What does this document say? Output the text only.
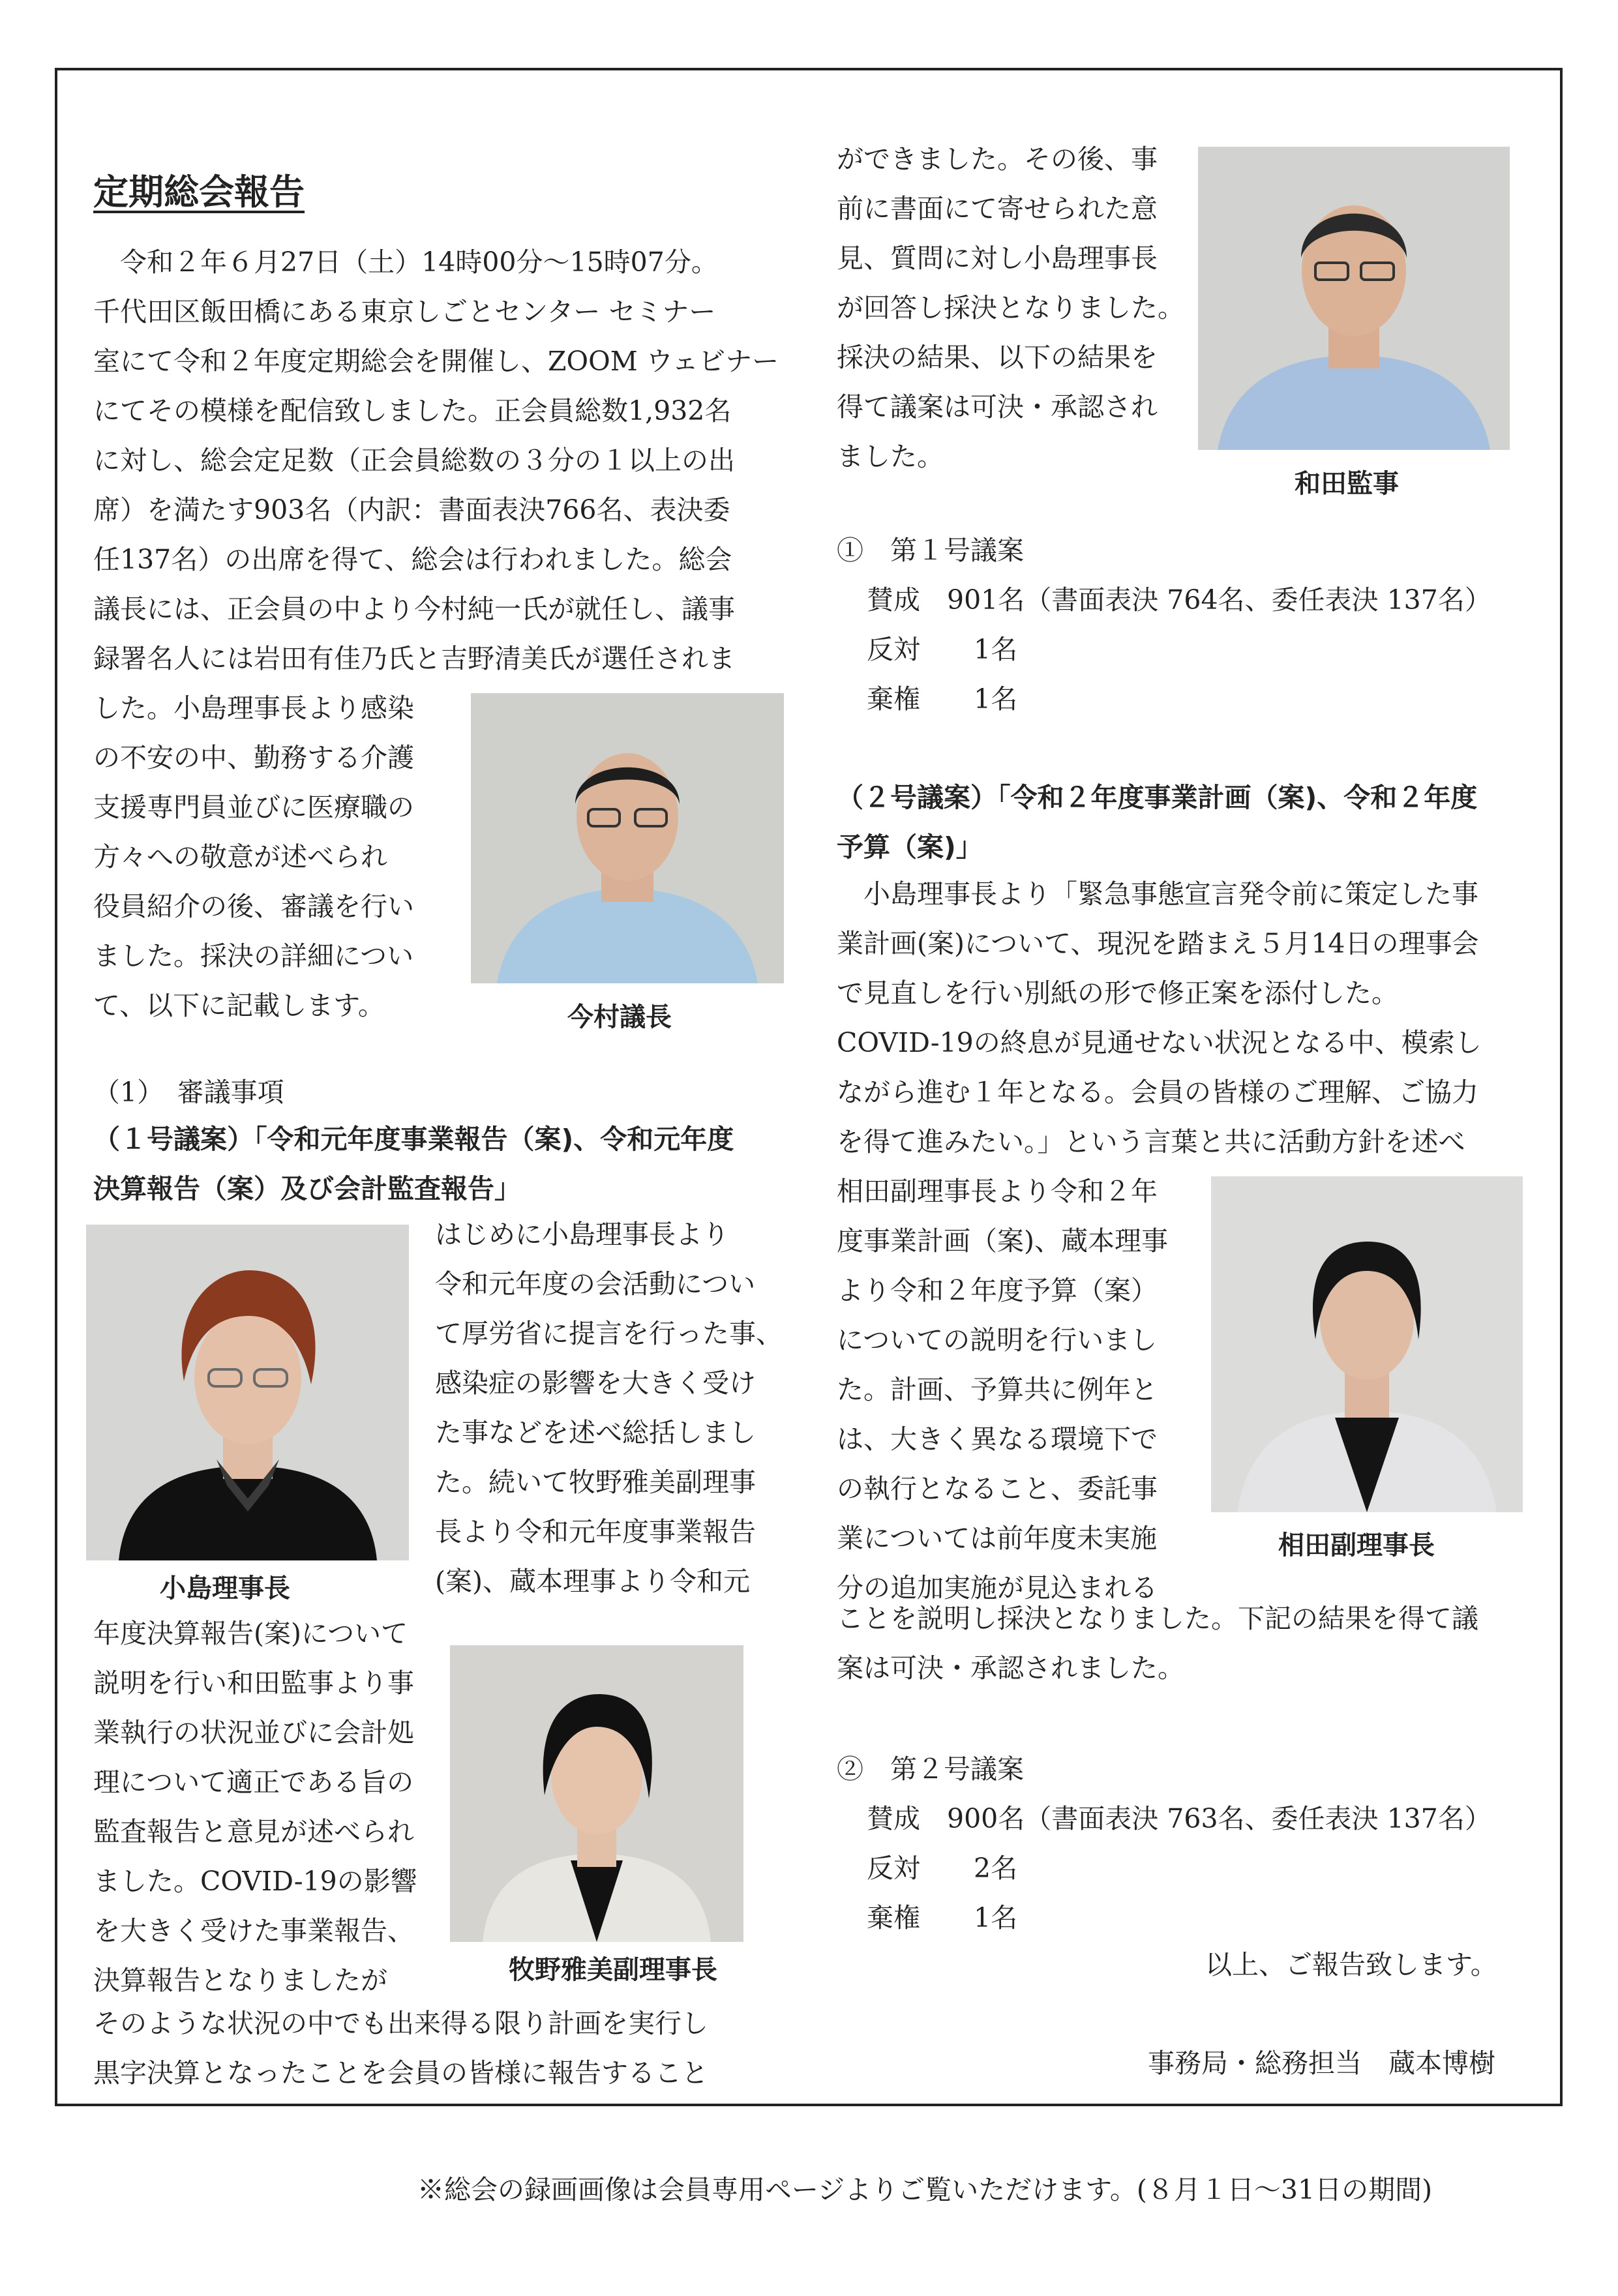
定期総会報告
　令和２年６月27日（土）14時00分～15時07分。
千代田区飯田橋にある東京しごとセンター セミナー
室にて令和２年度定期総会を開催し、ZOOM ウェビナー
にてその模様を配信致しました。正会員総数1,932名
に対し、総会定足数（正会員総数の３分の１以上の出
席）を満たす903名（内訳：書面表決766名、表決委
任137名）の出席を得て、総会は行われました。総会
議長には、正会員の中より今村純一氏が就任し、議事
録署名人には岩田有佳乃氏と吉野清美氏が選任されま
した。小島理事長より感染
の不安の中、勤務する介護
支援専門員並びに医療職の
方々への敬意が述べられ
役員紹介の後、審議を行い
ました。採決の詳細につい
て、以下に記載します。	今村議長
（1）　審議事項
（１号議案）「令和元年度事業報告（案)、令和元年度
決算報告（案）及び会計監査報告」
小島理事長
はじめに小島理事長より
令和元年度の会活動につい
て厚労省に提言を行った事、
感染症の影響を大きく受け
た事などを述べ総括しまし
た。続いて牧野雅美副理事
長より令和元年度事業報告
(案)、蔵本理事より令和元
年度決算報告(案)について
説明を行い和田監事より事
業執行の状況並びに会計処
理について適正である旨の
監査報告と意見が述べられ
ました。COVID-19の影響
を大きく受けた事業報告、
決算報告となりましたが	牧野雅美副理事長
そのような状況の中でも出来得る限り計画を実行し
黒字決算となったことを会員の皆様に報告すること
ができました。その後、事
前に書面にて寄せられた意
見、質問に対し小島理事長
が回答し採決となりました。
採決の結果、以下の結果を
得て議案は可決・承認され
ました。
和田監事
①　第１号議案
賛成　901名（書面表決 764名、委任表決 137名）
反対　　1名
棄権　　1名
（２号議案）「令和２年度事業計画（案)、令和２年度
予算（案)」
　小島理事長より「緊急事態宣言発令前に策定した事
業計画(案)について、現況を踏まえ５月14日の理事会
で見直しを行い別紙の形で修正案を添付した。
COVID-19の終息が見通せない状況となる中、模索し
ながら進む１年となる。会員の皆様のご理解、ご協力
を得て進みたい。」という言葉と共に活動方針を述べ
相田副理事長より令和２年
度事業計画（案)、蔵本理事
より令和２年度予算（案）
についての説明を行いまし
た。計画、予算共に例年と
は、大きく異なる環境下で
の執行となること、委託事
業については前年度未実施
分の追加実施が見込まれる
相田副理事長
ことを説明し採決となりました。下記の結果を得て議
案は可決・承認されました。
②　第２号議案
賛成　900名（書面表決 763名、委任表決 137名）
反対　　2名
棄権　　1名
以上、ご報告致します。
事務局・総務担当　蔵本博樹
※総会の録画画像は会員専用ページよりご覧いただけます。(８月１日～31日の期間)
